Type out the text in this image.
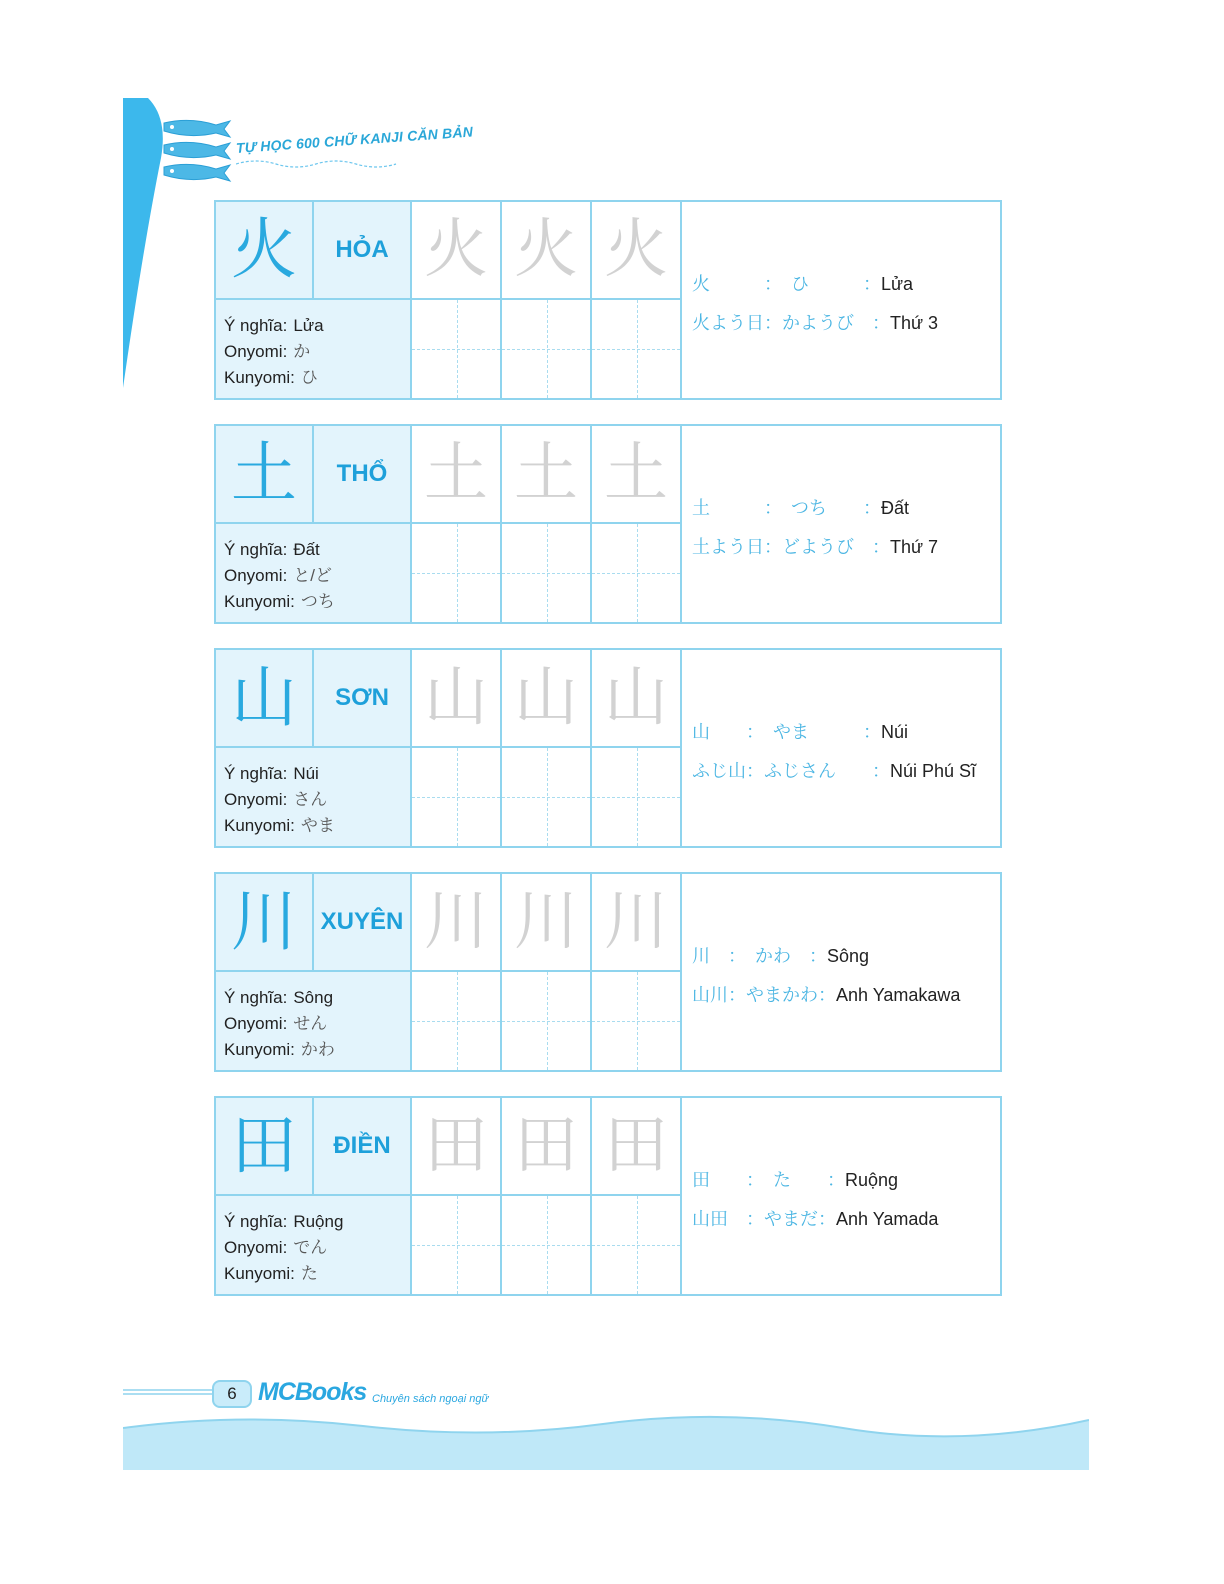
TỰ HỌC 600 CHỮ KANJI CĂN BẢN
火 HỎA
Ý nghĩa: Lửa
Onyomi: か
Kunyomi: ひ
火 火 火 火　　　：　ひ　　　： Lửa
火よう日：かようび　： Thứ 3
土 THỔ
Ý nghĩa: Đất
Onyomi: と/ど
Kunyomi: つち
土 土 土 土　　　：　つち　　： Đất
土よう日：どようび　： Thứ 7
山 SƠN
Ý nghĩa: Núi
Onyomi: さん
Kunyomi: やま
山 山 山 山　　：　やま　　　： Núi
ふじ山：ふじさん　　： Núi Phú Sĩ
川 XUYÊN
Ý nghĩa: Sông
Onyomi: せん
Kunyomi: かわ
川 川 川 川　：　かわ　： Sông
山川：やまかわ： Anh Yamakawa
田 ĐIỀN
Ý nghĩa: Ruộng
Onyomi: でん
Kunyomi: た
田 田 田 田　　：　た　　： Ruộng
山田　：やまだ： Anh Yamada
6 MCBooks Chuyên sách ngoại ngữ
